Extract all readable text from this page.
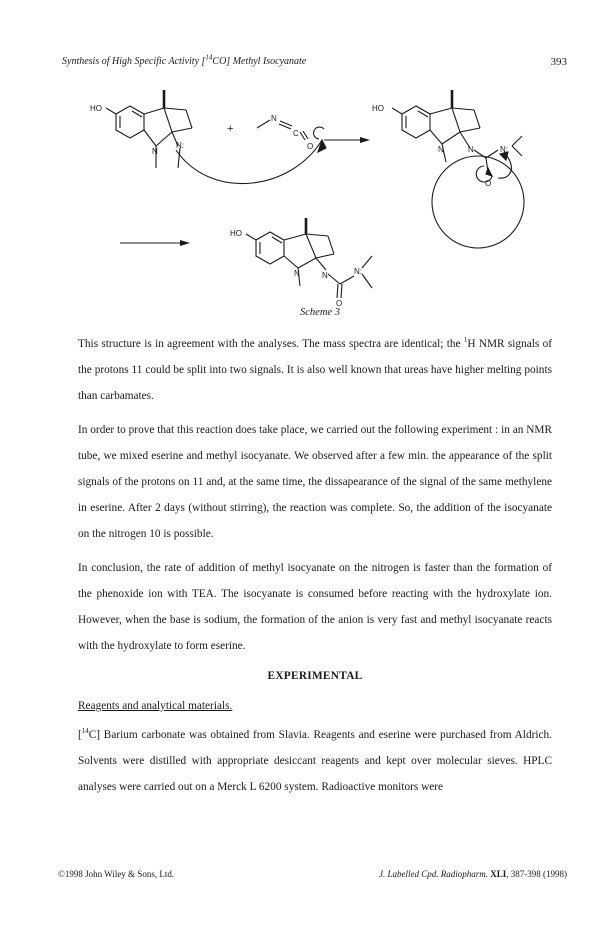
Synthesis of High Specific Activity [$^{14}$CO] Methyl Isocyanate	393
HO
N
N:
+
N
C
O
HO
N	N	N:
O
HO
N	N	N:
O
Scheme 3
This structure is in agreement with the analyses. The mass spectra are identical; the $^1$H NMR signals of the protons 11 could be split into two signals. It is also well known that ureas have higher melting points than carbamates.
In order to prove that this reaction does take place, we carried out the following experiment : in an NMR tube, we mixed eserine and methyl isocyanate. We observed after a few min. the appearance of the split signals of the protons on 11 and, at the same time, the dissapearance of the signal of the same methylene in eserine. After 2 days (without stirring), the reaction was complete. So, the addition of the isocyanate on the nitrogen 10 is possible.
In conclusion, the rate of addition of methyl isocyanate on the nitrogen is faster than the formation of the phenoxide ion with TEA. The isocyanate is consumed before reacting with the hydroxylate ion. However, when the base is sodium, the formation of the anion is very fast and methyl isocyanate reacts with the hydroxylate to form eserine.
EXPERIMENTAL
Reagents and analytical materials.
[$^{14}$C] Barium carbonate was obtained from Slavia. Reagents and eserine were purchased from Aldrich. Solvents were distilled with appropriate desiccant reagents and kept over molecular sieves. HPLC analyses were carried out on a Merck L 6200 system. Radioactive monitors were
©1998 John Wiley & Sons, Ltd.	J. Labelled Cpd. Radiopharm. XLI, 387-398 (1998)
